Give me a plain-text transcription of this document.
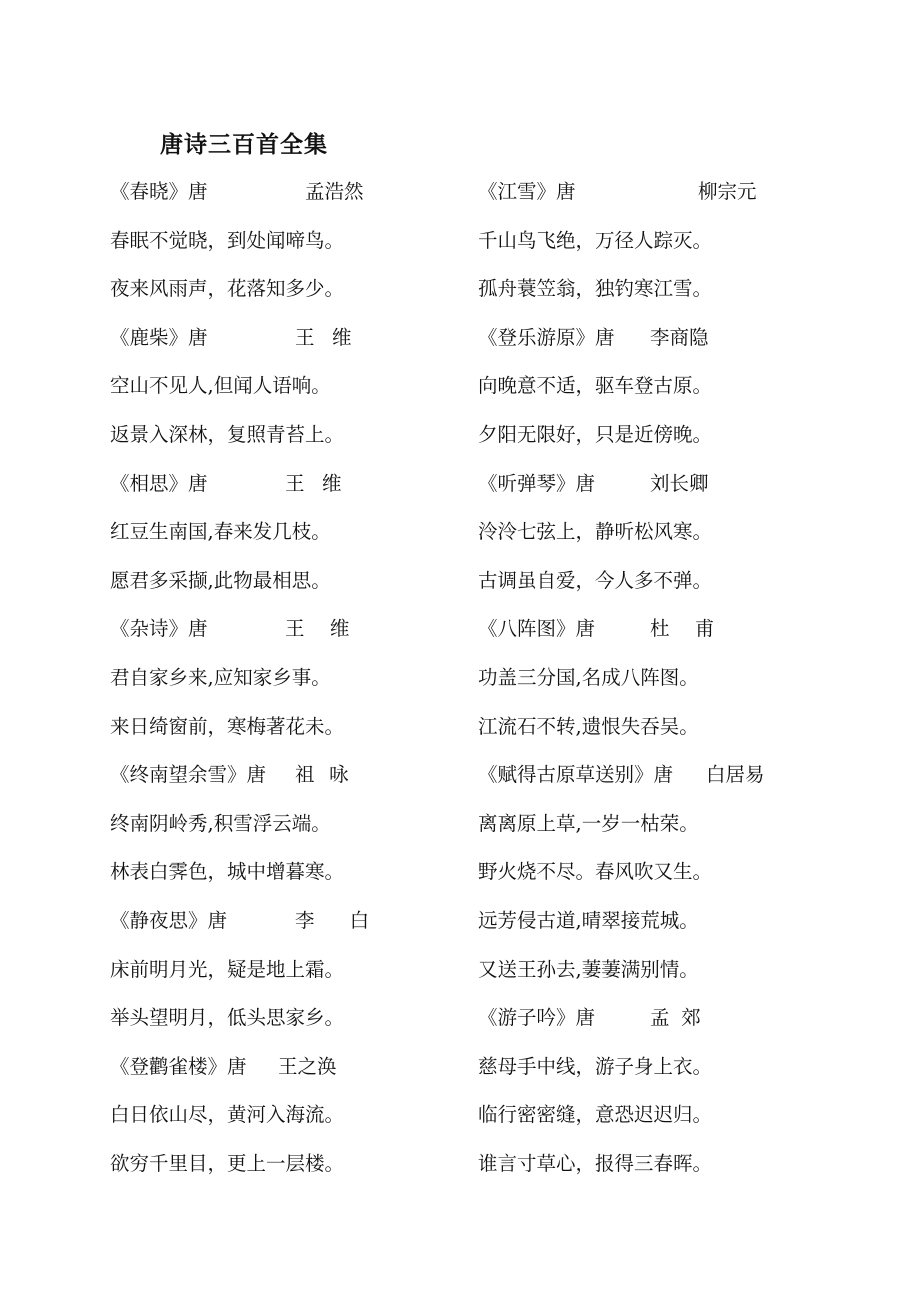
唐诗三百首全集
《春晓》唐	孟浩然
春眠不觉晓，到处闻啼鸟。
夜来风雨声，花落知多少。
《鹿柴》唐	王维
空山不见人,但闻人语响。
返景入深林，复照青苔上。
《相思》唐	王维
红豆生南国,春来发几枝。
愿君多采撷,此物最相思。
《杂诗》唐	王维
君自家乡来,应知家乡事。
来日绮窗前，寒梅著花未。
《终南望余雪》唐 祖咏
终南阴岭秀,积雪浮云端。
林表白霁色，城中增暮寒。
《静夜思》唐	李白
床前明月光，疑是地上霜。
举头望明月，低头思家乡。
《登鹳雀楼》唐 王之涣
白日依山尽，黄河入海流。
欲穷千里目，更上一层楼。
《江雪》唐	柳宗元
千山鸟飞绝，万径人踪灭。
孤舟蓑笠翁，独钓寒江雪。
《登乐游原》唐 李商隐
向晚意不适，驱车登古原。
夕阳无限好，只是近傍晚。
《听弹琴》唐	刘长卿
泠泠七弦上，静听松风寒。
古调虽自爱，今人多不弹。
《八阵图》唐	杜甫
功盖三分国,名成八阵图。
江流石不转,遗恨失吞吴。
《赋得古原草送别》唐 白居易
离离原上草,一岁一枯荣。
野火烧不尽。春风吹又生。
远芳侵古道,晴翠接荒城。
又送王孙去,萋萋满别情。
《游子吟》唐	孟郊
慈母手中线，游子身上衣。
临行密密缝，意恐迟迟归。
谁言寸草心，报得三春晖。
